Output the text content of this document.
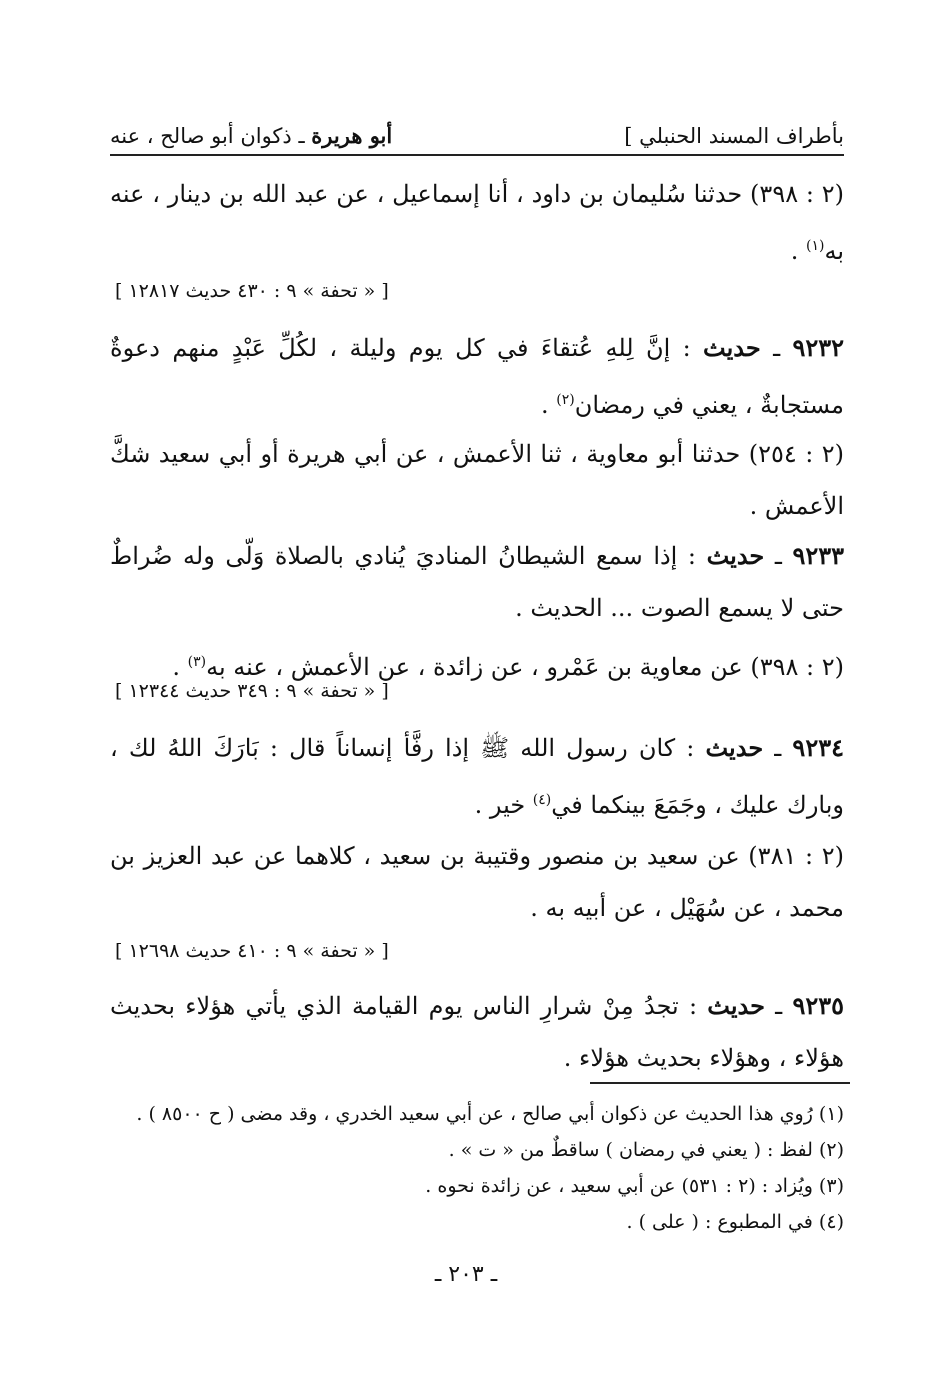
بأطراف المسند الحنبلي ]
أبو هريرة ـ ذكوان أبو صالح ، عنه
(٢ : ٣٩٨) حدثنا سُليمان بن داود ، أنا إسماعيل ، عن عبد الله بن دينار ، عنه به$^{(١)}$ .
[ « تحفة » ٩ : ٤٣٠ حديث ١٢٨١٧ ]
٩٢٣٢ ـ حديث : إنَّ لِلهِ عُتقاءَ في كل يوم وليلة ، لكُلِّ عَبْدٍ منهم دعوةٌ مستجابةٌ ، يعني في رمضان$^{(٢)}$ .
(٢ : ٢٥٤) حدثنا أبو معاوية ، ثنا الأعمش ، عن أبي هريرة أو أبي سعيد شكَّ الأعمش .
٩٢٣٣ ـ حديث : إذا سمع الشيطانُ المناديَ يُنادي بالصلاة وَلّى وله ضُراطٌ حتى لا يسمع الصوت ... الحديث .
(٢ : ٣٩٨) عن معاوية بن عَمْرو ، عن زائدة ، عن الأعمش ، عنه به$^{(٣)}$ .
[ « تحفة » ٩ : ٣٤٩ حديث ١٢٣٤٤ ]
٩٢٣٤ ـ حديث : كان رسول الله ﷺ إذا رفَّأ إنساناً قال : بَارَكَ اللهُ لك ، وبارك عليك ، وجَمَعَ بينكما في$^{(٤)}$ خير .
(٢ : ٣٨١) عن سعيد بن منصور وقتيبة بن سعيد ، كلاهما عن عبد العزيز بن محمد ، عن سُهَيْل ، عن أبيه به .
[ « تحفة » ٩ : ٤١٠ حديث ١٢٦٩٨ ]
٩٢٣٥ ـ حديث : تجدُ مِنْ شرارِ الناس يوم القيامة الذي يأتي هؤلاء بحديث هؤلاء ، وهؤلاء بحديث هؤلاء .
(١) رُوي هذا الحديث عن ذكوان أبي صالح ، عن أبي سعيد الخدري ، وقد مضى ( ح ٨٥٠٠ ) .
(٢) لفظ : ( يعني في رمضان ) ساقطٌ من « ت » .
(٣) ويُزاد : (٢ : ٥٣١) عن أبي سعيد ، عن زائدة نحوه .
(٤) في المطبوع : ( على ) .
ـ ٢٠٣ ـ
